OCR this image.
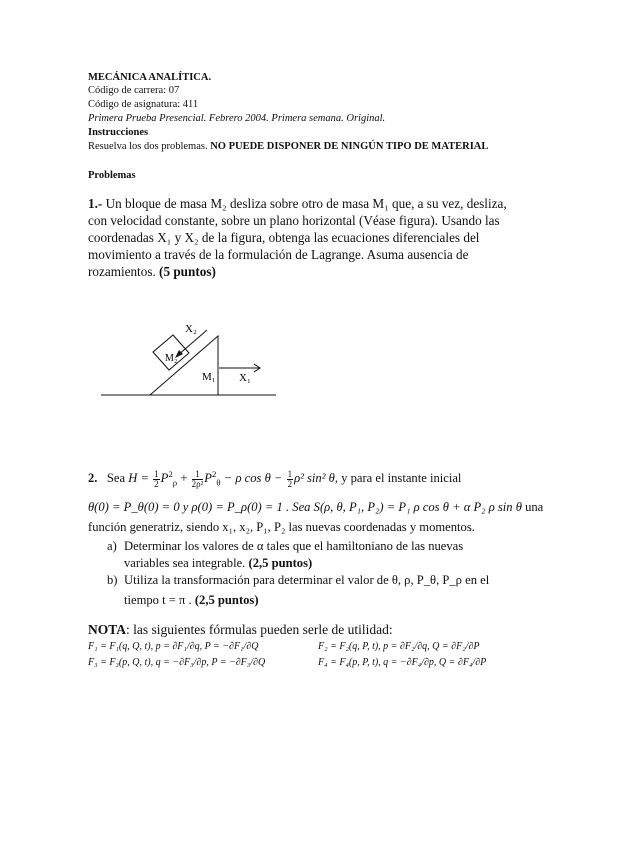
MECÁNICA ANALÍTICA.
Código de carrera: 07
Código de asignatura: 411
Primera Prueba Presencial. Febrero 2004. Primera semana. Original.
Instrucciones
Resuelva los dos problemas. NO PUEDE DISPONER DE NINGÚN TIPO DE MATERIAL
Problemas
1.- Un bloque de masa M₂ desliza sobre otro de masa M₁ que, a su vez, desliza,
con velocidad constante, sobre un plano horizontal (Véase figura). Usando las
coordenadas X₁ y X₂ de la figura, obtenga las ecuaciones diferenciales del
movimiento a través de la formulación de Lagrange. Asuma ausencia de
rozamientos. (5 puntos)
X₂
M₂
M₁ X₁
2. Sea $H = \frac{1}{2} P^2_\rho + \frac{1}{\text{2ρ²}} P^2_\theta - \rho$ $\cos \theta - \frac{1}{2} \rho^2$ sin² θ, y para el instante inicial
θ(0) = P_θ(0) = 0 y ρ(0) = P_ρ(0) = 1 . Sea S(ρ, θ, P₁, P₂) = P₁ ρ cos θ + α P₂ ρ sin θ una
función generatriz, siendo x₁, x₂, P₁, P₂ las nuevas coordenadas y momentos.
a) Determinar los valores de α tales que el hamiltoniano de las nuevas
variables sea integrable. (2,5 puntos)
b) Utiliza la transformación para determinar el valor de θ, ρ, P_θ, P_ρ en el
tiempo t = π . (2,5 puntos)
NOTA: las siguientes fórmulas pueden serle de utilidad:
F₁ = F₁(q, Q, t), p = ∂F₁/∂q, P = −∂F₁/∂Q	F₂ = F₂(q, P, t), p = ∂F₂/∂q, Q = ∂F₂/∂P
F₃ = F₃(p, Q, t), q = −∂F₃/∂p, P = −∂F₃/∂Q	F₄ = F₄(p, P, t), q = −∂F₄/∂p, Q = ∂F₄/∂P
